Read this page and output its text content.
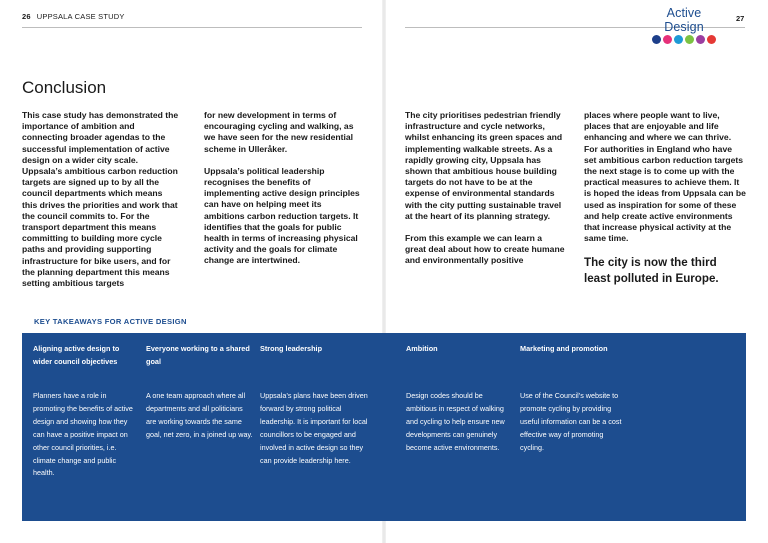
26 UPPSALA CASE STUDY	Active Design
27
Conclusion

This case study has demonstrated the importance of ambition and connecting broader agendas to the successful implementation of active design on a wider city scale. Uppsala’s ambitious carbon reduction targets are signed up to by all the council departments which means this drives the priorities and work that the council commits to. For the transport department this means committing to building more cycle paths and providing supporting infrastructure for bike users, and for the planning department this means setting ambitious targets

for new development in terms of encouraging cycling and walking, as we have seen for the new residential scheme in Ulleråker.

Uppsala’s political leadership recognises the benefits of implementing active design principles can have on helping meet its ambitions carbon reduction targets. It identifies that the goals for public health in terms of increasing physical activity and the goals for climate change are intertwined.

The city prioritises pedestrian friendly infrastructure and cycle networks, whilst enhancing its green spaces and implementing walkable streets. As a rapidly growing city, Uppsala has shown that ambitious house building targets do not have to be at the expense of environmental standards with the city putting sustainable travel at the heart of its planning strategy.

From this example we can learn a great deal about how to create humane and environmentally positive

places where people want to live, places that are enjoyable and life enhancing and where we can thrive. For authorities in England who have set ambitious carbon reduction targets the next stage is to come up with the practical measures to achieve them. It is hoped the ideas from Uppsala can be used as inspiration for some of these and help create active environments that increase physical activity at the same time.

The city is now the third least polluted in Europe.

KEY TAKEAWAYS FOR ACTIVE DESIGN
Aligning active design to wider council objectives
Planners have a role in promoting the benefits of active design and showing how they can have a positive impact on other council priorities, i.e. climate change and public health.
Everyone working to a shared goal
A one team approach where all departments and all politicians are working towards the same goal, net zero, in a joined up way.
Strong leadership
Uppsala’s plans have been driven forward by strong political leadership. It is important for local councillors to be engaged and involved in active design so they can provide leadership here.
Ambition
Design codes should be ambitious in respect of walking and cycling to help ensure new developments can genuinely become active environments.
Marketing and promotion
Use of the Council’s website to promote cycling by providing useful information can be a cost effective way of promoting cycling.
